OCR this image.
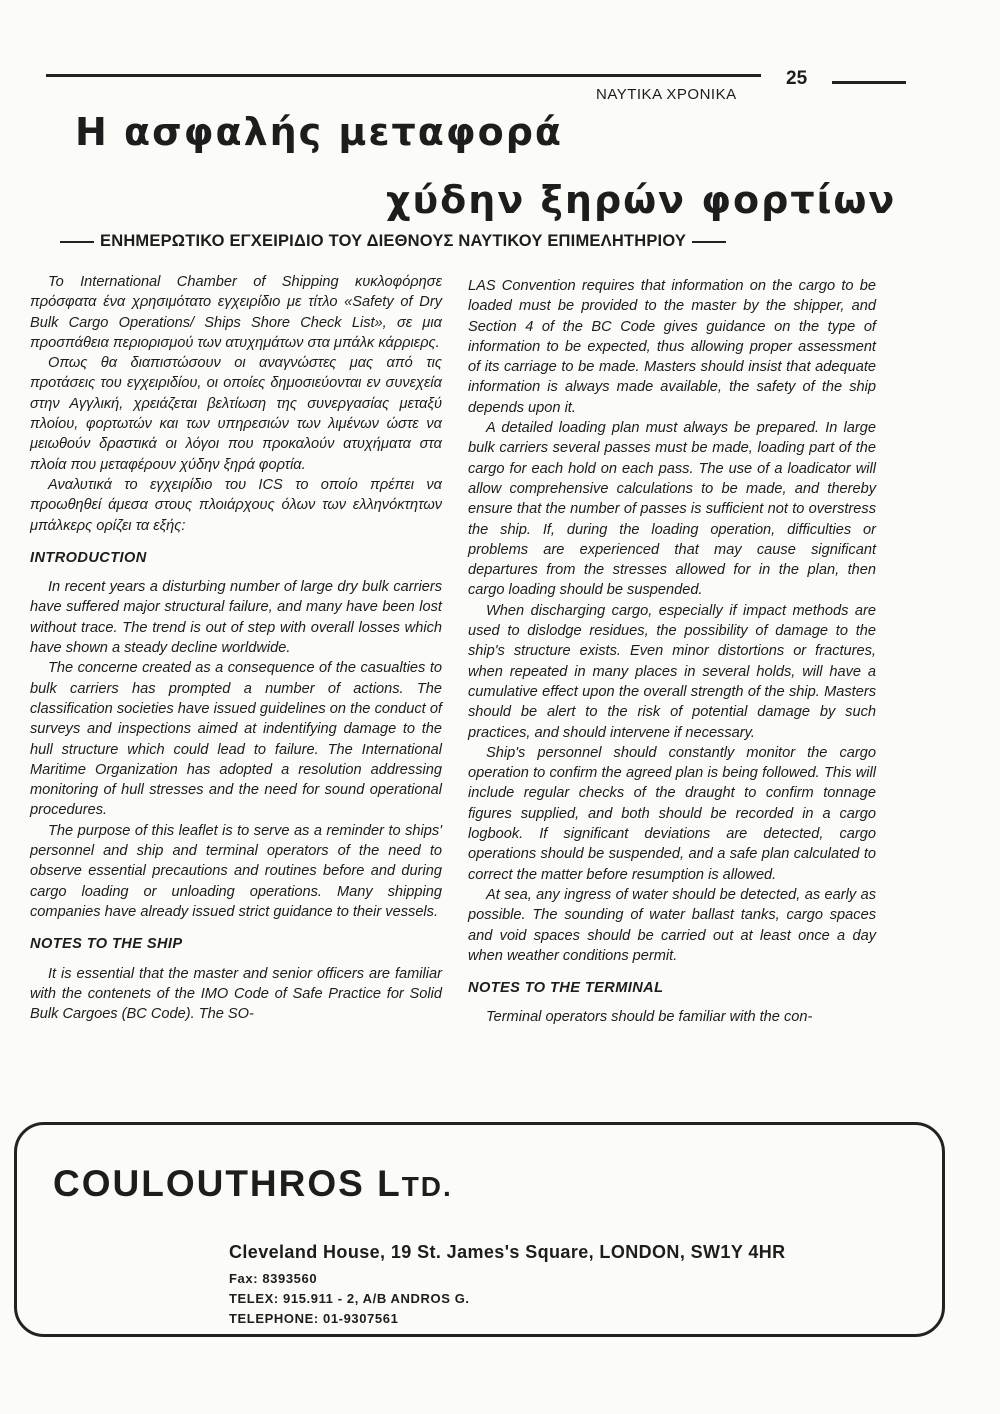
ΝΑΥΤΙΚΑ ΧΡΟΝΙΚΑ
25
Η ασφαλής μεταφορά
χύδην ξηρών φορτίων
ΕΝΗΜΕΡΩΤΙΚΟ ΕΓΧΕΙΡΙΔΙΟ ΤΟΥ ΔΙΕΘΝΟΥΣ ΝΑΥΤΙΚΟΥ ΕΠΙΜΕΛΗΤΗΡΙΟΥ

Το International Chamber of Shipping κυκλοφόρησε πρόσφατα ένα χρησιμότατο εγχειρίδιο με τίτλο «Safety of Dry Bulk Cargo Operations/ Ships Shore Check List», σε μια προσπάθεια περιορισμού των ατυχημάτων στα μπάλκ κάρριερς.

Οπως θα διαπιστώσουν οι αναγνώστες μας από τις προτάσεις του εγχειριδίου, οι οποίες δημοσιεύονται εν συνεχεία στην Αγγλική, χρειάζεται βελτίωση της συνεργασίας μεταξύ πλοίου, φορτωτών και των υπηρεσιών των λιμένων ώστε να μειωθούν δραστικά οι λόγοι που προκαλούν ατυχήματα στα πλοία που μεταφέρουν χύδην ξηρά φορτία.

Αναλυτικά το εγχειρίδιο του ICS το οποίο πρέπει να προωθηθεί άμεσα στους πλοιάρχους όλων των ελληνόκτητων μπάλκερς ορίζει τα εξής:

INTRODUCTION

In recent years a disturbing number of large dry bulk carriers have suffered major structural failure, and many have been lost without trace. The trend is out of step with overall losses which have shown a steady decline worldwide.

The concerne created as a consequence of the casualties to bulk carriers has prompted a number of actions. The classification societies have issued guidelines on the conduct of surveys and inspections aimed at indentifying damage to the hull structure which could lead to failure. The International Maritime Organization has adopted a resolution addressing monitoring of hull stresses and the need for sound operational procedures.

The purpose of this leaflet is to serve as a reminder to ships' personnel and ship and terminal operators of the need to observe essential precautions and routines before and during cargo loading or unloading operations. Many shipping companies have already issued strict guidance to their vessels.

NOTES TO THE SHIP

It is essential that the master and senior officers are familiar with the contenets of the IMO Code of Safe Practice for Solid Bulk Cargoes (BC Code). The SO-

LAS Convention requires that information on the cargo to be loaded must be provided to the master by the shipper, and Section 4 of the BC Code gives guidance on the type of information to be expected, thus allowing proper assessment of its carriage to be made. Masters should insist that adequate information is always made available, the safety of the ship depends upon it.

A detailed loading plan must always be prepared. In large bulk carriers several passes must be made, loading part of the cargo for each hold on each pass. The use of a loadicator will allow comprehensive calculations to be made, and thereby ensure that the number of passes is sufficient not to overstress the ship. If, during the loading operation, difficulties or problems are experienced that may cause significant departures from the stresses allowed for in the plan, then cargo loading should be suspended.

When discharging cargo, especially if impact methods are used to dislodge residues, the possibility of damage to the ship's structure exists. Even minor distortions or fractures, when repeated in many places in several holds, will have a cumulative effect upon the overall strength of the ship. Masters should be alert to the risk of potential damage by such practices, and should intervene if necessary.

Ship's personnel should constantly monitor the cargo operation to confirm the agreed plan is being followed. This will include regular checks of the draught to confirm tonnage figures supplied, and both should be recorded in a cargo logbook. If significant deviations are detected, cargo operations should be suspended, and a safe plan calculated to correct the matter before resumption is allowed.

At sea, any ingress of water should be detected, as early as possible. The sounding of water ballast tanks, cargo spaces and void spaces should be carried out at least once a day when weather conditions permit.

NOTES TO THE TERMINAL

Terminal operators should be familiar with the con-

COULOUTHROS LTD.
Cleveland House, 19 St. James's Square, LONDON, SW1Y 4HR
Fax: 8393560
TELEX: 915.911 - 2, A/B ANDROS G.
TELEPHONE: 01-9307561
